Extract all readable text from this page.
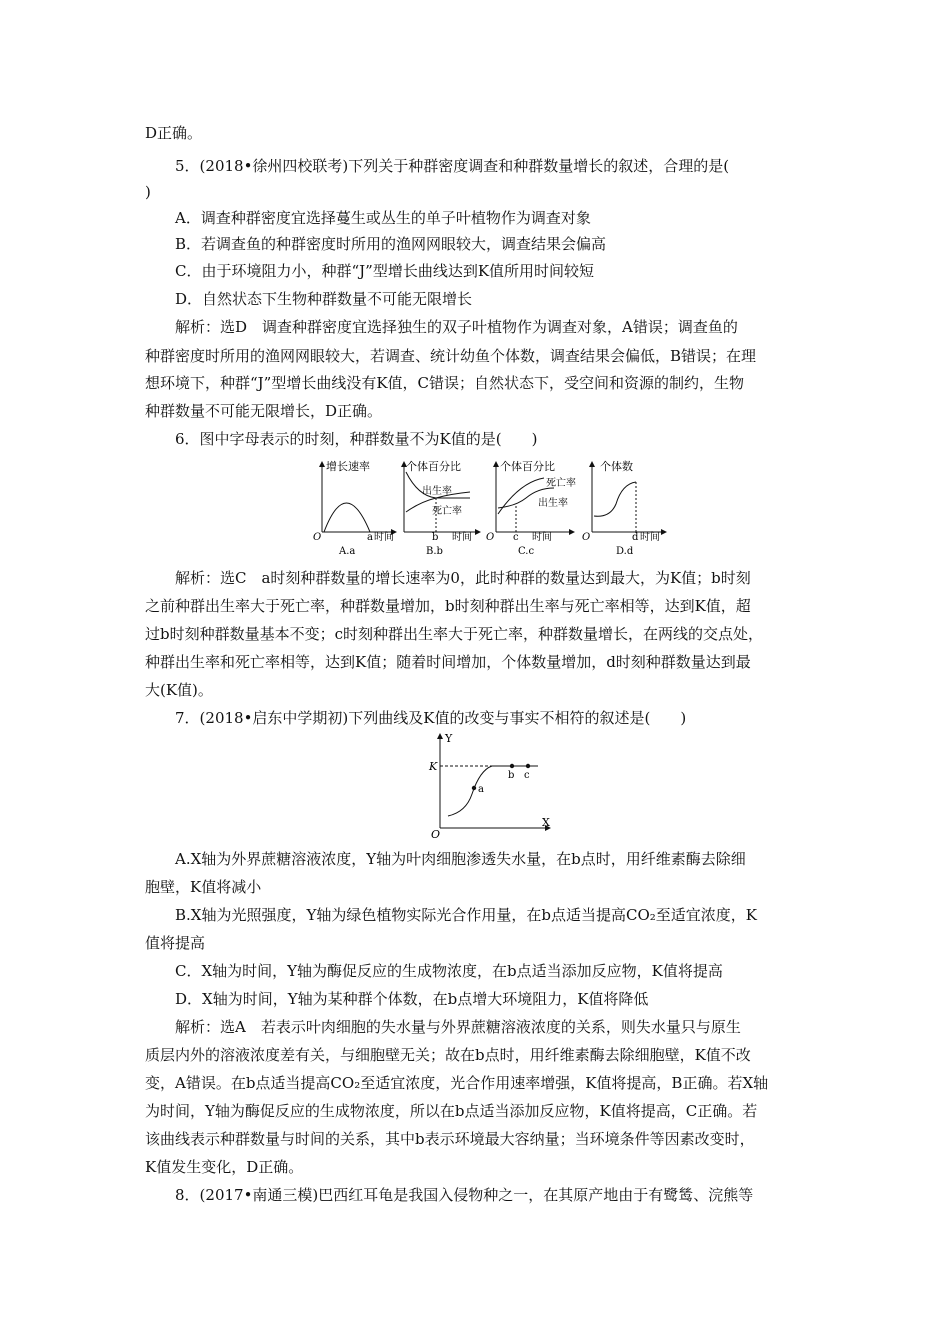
D正确。
5．(2018•徐州四校联考)下列关于种群密度调查和种群数量增长的叙述，合理的是(
)
A．调查种群密度宜选择蔓生或丛生的单子叶植物作为调查对象
B．若调查鱼的种群密度时所用的渔网网眼较大，调查结果会偏高
C．由于环境阻力小，种群“J”型增长曲线达到K值所用时间较短
D．自然状态下生物种群数量不可能无限增长
解析：选D　调查种群密度宜选择独生的双子叶植物作为调查对象，A错误；调查鱼的
种群密度时所用的渔网网眼较大，若调查、统计幼鱼个体数，调查结果会偏低，B错误；在理
想环境下，种群“J”型增长曲线没有K值，C错误；自然状态下，受空间和资源的制约，生物
种群数量不可能无限增长，D正确。
6．图中字母表示的时刻，种群数量不为K值的是(　　)
增长速率
O	a 时间
A.a
个体百分比
出生率
死亡率
b 时间
B.b
个体百分比
死亡率
出生率
O c 时间
C.c
个体数
O	d 时间
D.d
解析：选C　a时刻种群数量的增长速率为0，此时种群的数量达到最大，为K值；b时刻
之前种群出生率大于死亡率，种群数量增加，b时刻种群出生率与死亡率相等，达到K值，超
过b时刻种群数量基本不变；c时刻种群出生率大于死亡率，种群数量增长，在两线的交点处，
种群出生率和死亡率相等，达到K值；随着时间增加，个体数量增加，d时刻种群数量达到最
大(K值)。
7．(2018•启东中学期初)下列曲线及K值的改变与事实不相符的叙述是(　　)
Y
X
K
O
a
b c
A.X轴为外界蔗糖溶液浓度，Y轴为叶肉细胞渗透失水量，在b点时，用纤维素酶去除细
胞壁，K值将减小
B.X轴为光照强度，Y轴为绿色植物实际光合作用量，在b点适当提高CO₂至适宜浓度，K
值将提高
C．X轴为时间，Y轴为酶促反应的生成物浓度，在b点适当添加反应物，K值将提高
D．X轴为时间，Y轴为某种群个体数，在b点增大环境阻力，K值将降低
解析：选A　若表示叶肉细胞的失水量与外界蔗糖溶液浓度的关系，则失水量只与原生
质层内外的溶液浓度差有关，与细胞壁无关；故在b点时，用纤维素酶去除细胞壁，K值不改
变，A错误。在b点适当提高CO₂至适宜浓度，光合作用速率增强，K值将提高，B正确。若X轴
为时间，Y轴为酶促反应的生成物浓度，所以在b点适当添加反应物，K值将提高，C正确。若
该曲线表示种群数量与时间的关系，其中b表示环境最大容纳量；当环境条件等因素改变时，
K值发生变化，D正确。
8．(2017•南通三模)巴西红耳龟是我国入侵物种之一，在其原产地由于有鹭鸶、浣熊等
